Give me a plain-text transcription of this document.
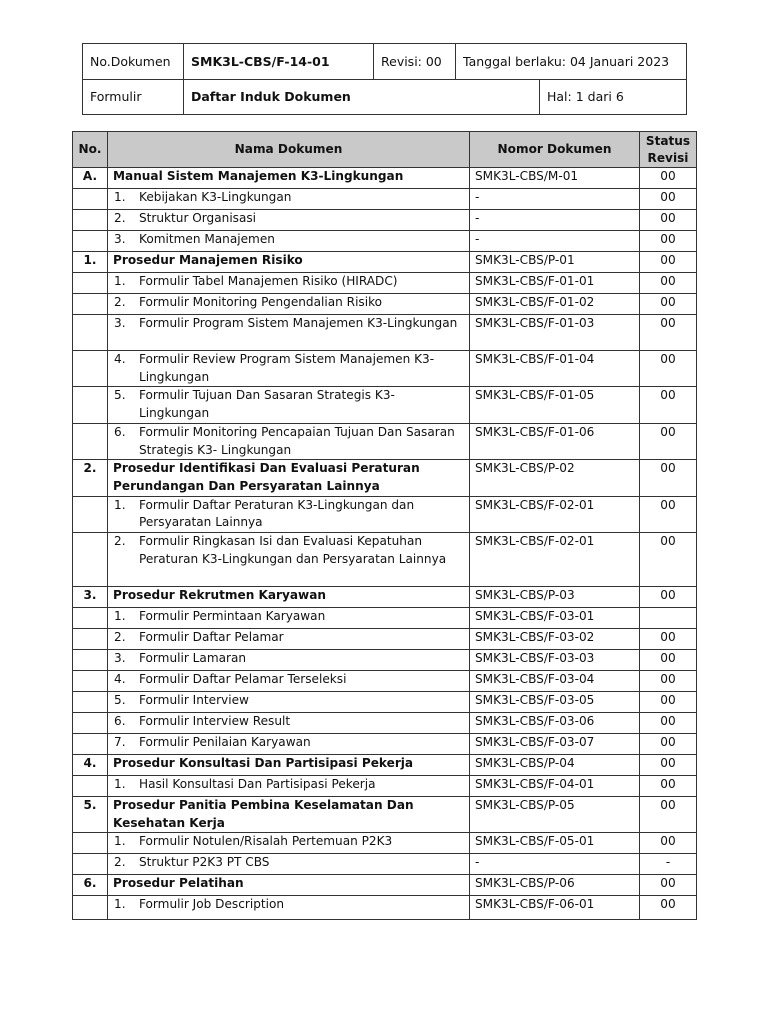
No.Dokumen	SMK3L-CBS/F-14-01	Revisi: 00	Tanggal berlaku: 04 Januari 2023	
Formulir	Daftar Induk Dokumen			Hal: 1 dari 6
No.	Nama Dokumen	Nomor Dokumen	Status
Revisi

A.	Manual Sistem Manajemen K3-Lingkungan	SMK3L-CBS/M-01	00

	1. Kebijakan K3-Lingkungan	-	00

	2. Struktur Organisasi	-	00

	3. Komitmen Manajemen	-	00
1.	Prosedur Manajemen Risiko	SMK3L-CBS/P-01	00

	1. Formulir Tabel Manajemen Risiko (HIRADC)	SMK3L-CBS/F-01-01	00

	2. Formulir Monitoring Pengendalian Risiko	SMK3L-CBS/F-01-02	00

	3. Formulir Program Sistem Manajemen K3-Lingkungan	SMK3L-CBS/F-01-03	00

	4. Formulir Review Program Sistem Manajemen K3-Lingkungan	SMK3L-CBS/F-01-04	00

	5. Formulir Tujuan Dan Sasaran Strategis K3-Lingkungan	SMK3L-CBS/F-01-05	00

	6. Formulir Monitoring Pencapaian Tujuan Dan Sasaran Strategis K3- Lingkungan	SMK3L-CBS/F-01-06	00
2.	Prosedur Identifikasi Dan Evaluasi Peraturan Perundangan Dan Persyaratan Lainnya	SMK3L-CBS/P-02	00

	1. Formulir Daftar Peraturan K3-Lingkungan dan Persyaratan Lainnya	SMK3L-CBS/F-02-01	00

	2. Formulir Ringkasan Isi dan Evaluasi Kepatuhan Peraturan K3-Lingkungan dan Persyaratan Lainnya	SMK3L-CBS/F-02-01	00
3.	Prosedur Rekrutmen Karyawan	SMK3L-CBS/P-03	00

	1. Formulir Permintaan Karyawan	SMK3L-CBS/F-03-01	

	2. Formulir Daftar Pelamar	SMK3L-CBS/F-03-02	00

	3. Formulir Lamaran	SMK3L-CBS/F-03-03	00

	4. Formulir Daftar Pelamar Terseleksi	SMK3L-CBS/F-03-04	00

	5. Formulir Interview	SMK3L-CBS/F-03-05	00

	6. Formulir Interview Result	SMK3L-CBS/F-03-06	00

	7. Formulir Penilaian Karyawan	SMK3L-CBS/F-03-07	00
4.	Prosedur Konsultasi Dan Partisipasi Pekerja	SMK3L-CBS/P-04	00

	1. Hasil Konsultasi Dan Partisipasi Pekerja	SMK3L-CBS/F-04-01	00
5.	Prosedur Panitia Pembina Keselamatan Dan Kesehatan Kerja	SMK3L-CBS/P-05	00

	1. Formulir Notulen/Risalah Pertemuan P2K3	SMK3L-CBS/F-05-01	00

	2. Struktur P2K3 PT CBS	-	-
6.	Prosedur Pelatihan	SMK3L-CBS/P-06	00

	1. Formulir Job Description	SMK3L-CBS/F-06-01	00
